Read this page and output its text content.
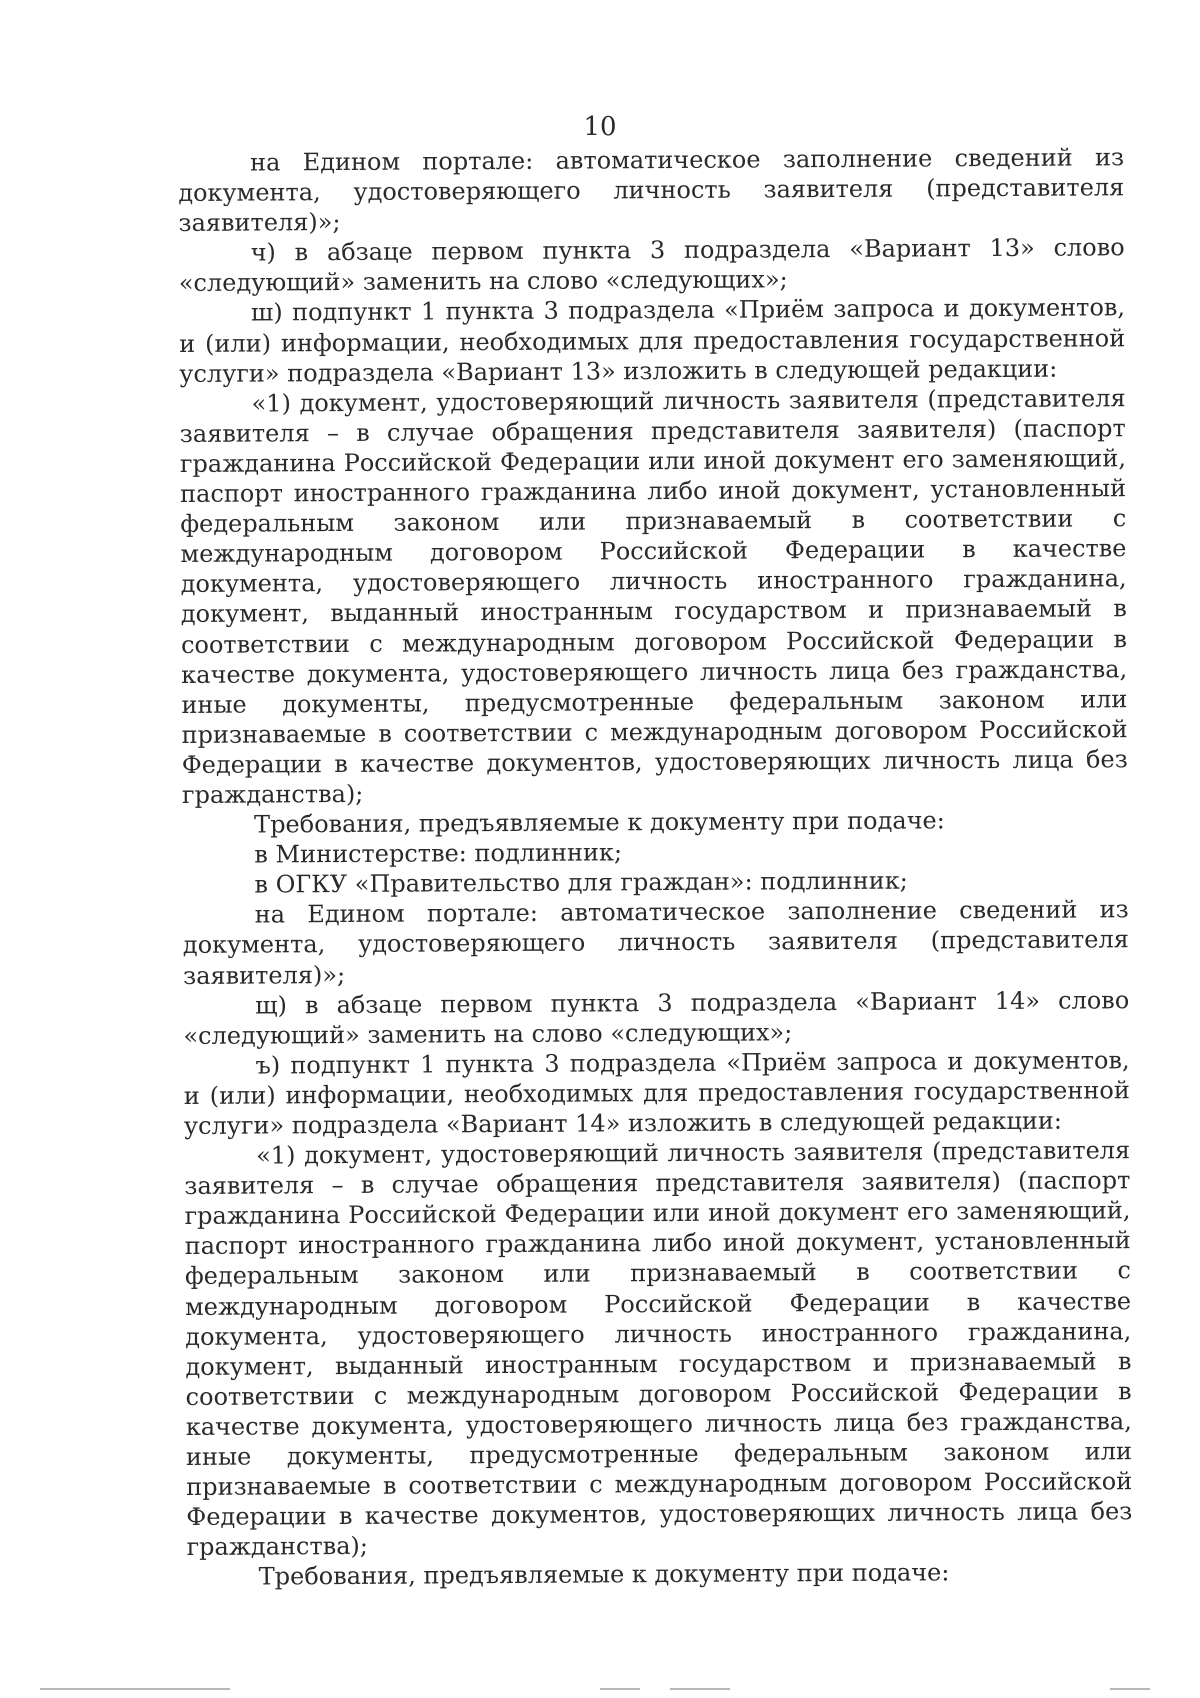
10

на Едином портале: автоматическое заполнение сведений из документа, удостоверяющего личность заявителя (представителя заявителя)»;

ч) в абзаце первом пункта 3 подраздела «Вариант 13» слово «следующий» заменить на слово «следующих»;

ш) подпункт 1 пункта 3 подраздела «Приём запроса и документов, и (или) информации, необходимых для предоставления государственной услуги» подраздела «Вариант 13» изложить в следующей редакции:

«1) документ, удостоверяющий личность заявителя (представителя заявителя – в случае обращения представителя заявителя) (паспорт гражданина Российской Федерации или иной документ его заменяющий, паспорт иностранного гражданина либо иной документ, установленный федеральным законом или признаваемый в соответствии с международным договором Российской Федерации в качестве документа, удостоверяющего личность иностранного гражданина, документ, выданный иностранным государством и признаваемый в соответствии с международным договором Российской Федерации в качестве документа, удостоверяющего личность лица без гражданства, иные документы, предусмотренные федеральным законом или признаваемые в соответствии с международным договором Российской Федерации в качестве документов, удостоверяющих личность лица без гражданства);

Требования, предъявляемые к документу при подаче:

в Министерстве: подлинник;

в ОГКУ «Правительство для граждан»: подлинник;

на Едином портале: автоматическое заполнение сведений из документа, удостоверяющего личность заявителя (представителя заявителя)»;

щ) в абзаце первом пункта 3 подраздела «Вариант 14» слово «следующий» заменить на слово «следующих»;

ъ) подпункт 1 пункта 3 подраздела «Приём запроса и документов, и (или) информации, необходимых для предоставления государственной услуги» подраздела «Вариант 14» изложить в следующей редакции:

«1) документ, удостоверяющий личность заявителя (представителя заявителя – в случае обращения представителя заявителя) (паспорт гражданина Российской Федерации или иной документ его заменяющий, паспорт иностранного гражданина либо иной документ, установленный федеральным законом или признаваемый в соответствии с международным договором Российской Федерации в качестве документа, удостоверяющего личность иностранного гражданина, документ, выданный иностранным государством и признаваемый в соответствии с международным договором Российской Федерации в качестве документа, удостоверяющего личность лица без гражданства, иные документы, предусмотренные федеральным законом или признаваемые в соответствии с международным договором Российской Федерации в качестве документов, удостоверяющих личность лица без гражданства);

Требования, предъявляемые к документу при подаче:
